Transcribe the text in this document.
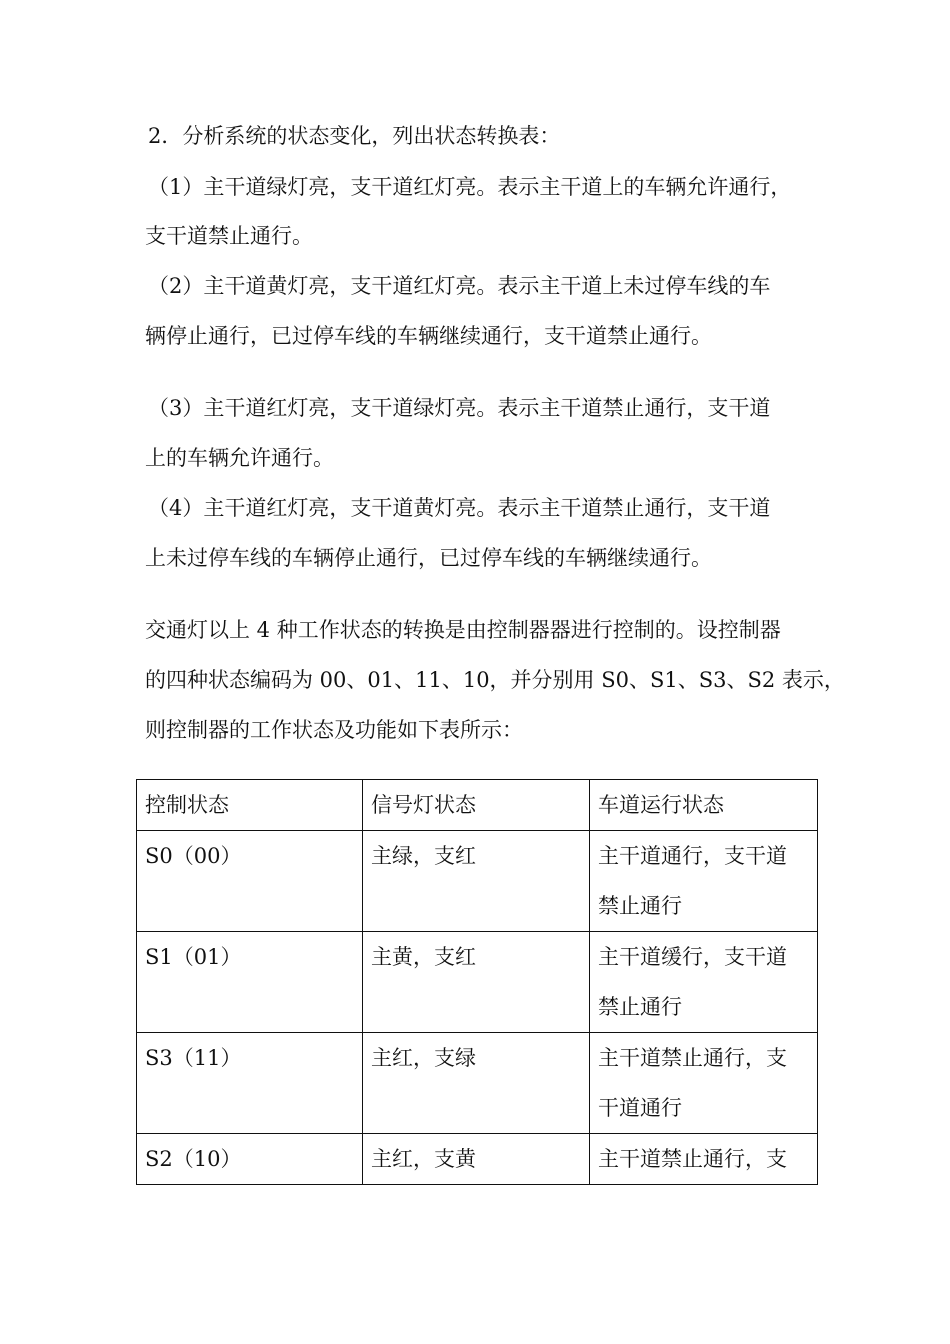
2．分析系统的状态变化，列出状态转换表：
（1）主干道绿灯亮，支干道红灯亮。表示主干道上的车辆允许通行，
支干道禁止通行。
（2）主干道黄灯亮，支干道红灯亮。表示主干道上未过停车线的车
辆停止通行，已过停车线的车辆继续通行，支干道禁止通行。
（3）主干道红灯亮，支干道绿灯亮。表示主干道禁止通行，支干道
上的车辆允许通行。
（4）主干道红灯亮，支干道黄灯亮。表示主干道禁止通行，支干道
上未过停车线的车辆停止通行，已过停车线的车辆继续通行。
交通灯以上 4 种工作状态的转换是由控制器器进行控制的。设控制器
的四种状态编码为 00、01、11、10，并分别用 S0、S1、S3、S2 表示，
则控制器的工作状态及功能如下表所示：
控制状态	信号灯状态	车道运行状态
S0（00）	主绿，支红	主干道通行，支干道
禁止通行
S1（01）	主黄，支红	主干道缓行，支干道
禁止通行
S3（11）	主红，支绿	主干道禁止通行，支
干道通行
S2（10）	主红，支黄	主干道禁止通行，支
